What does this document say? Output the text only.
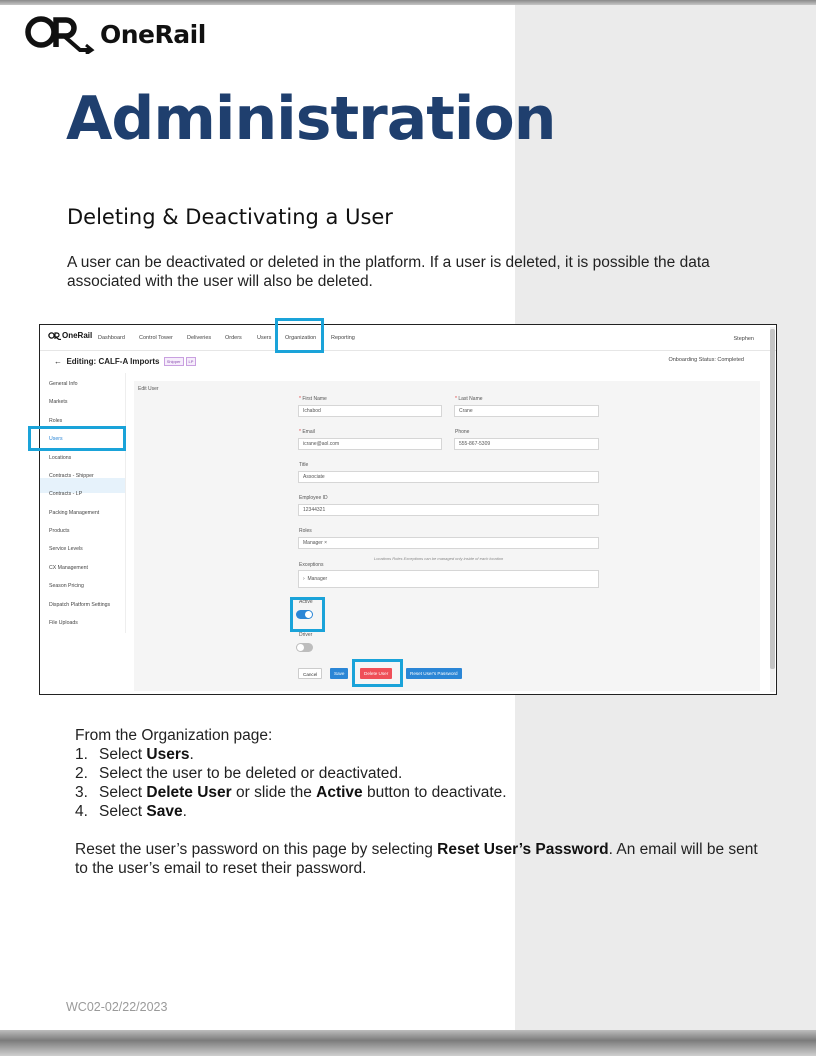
OneRail
Administration
Deleting & Deactivating a User
A user can be deactivated or deleted in the platform. If a user is deleted, it is possible the data associated with the user will also be deleted.
OneRail Dashboard	Control Tower	Deliveries	Orders	Users Organization	Reporting	Stephen
← Editing: CALF-A Imports Shipper LP	Onboarding Status: Completed
General Info
Markets
Roles
Users
Locations
Contracts - Shipper
Contracts - LP
Packing Management
Products
Service Levels
CX Management
Season Pricing
Dispatch Platform Settings
File Uploads
Edit User
* First Name
Ichabod
* Last Name
Crane
* Email
icrane@aol.com
Phone
555-867-5309
Title
Associate
Employee ID
12344321
Roles
Manager ×
Locations Roles Exceptions can be managed only inside of each location
Exceptions
› Manager
Active
Driver
Cancel	Save	Delete User	Reset User's Password
From the Organization page:
1. Select Users.
2. Select the user to be deleted or deactivated.
3. Select Delete User or slide the Active button to deactivate.
4. Select Save.
Reset the user’s password on this page by selecting Reset User’s Password. An email will be sent to the user’s email to reset their password.
WC02-02/22/2023
